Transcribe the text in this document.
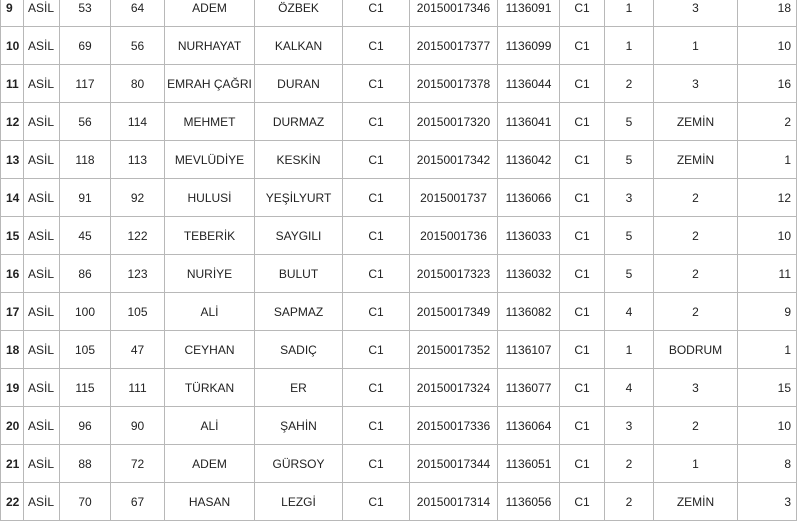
9	ASİL	53	64	ADEM	ÖZBEK	C1	20150017346	1136091	C1	1	3	18
10	ASİL	69	56	NURHAYAT	KALKAN	C1	20150017377	1136099	C1	1	1	10
11	ASİL	117	80	EMRAH ÇAĞRI	DURAN	C1	20150017378	1136044	C1	2	3	16
12	ASİL	56	114	MEHMET	DURMAZ	C1	20150017320	1136041	C1	5	ZEMİN	2
13	ASİL	118	113	MEVLÜDİYE	KESKİN	C1	20150017342	1136042	C1	5	ZEMİN	1
14	ASİL	91	92	HULUSİ	YEŞİLYURT	C1	2015001737	1136066	C1	3	2	12
15	ASİL	45	122	TEBERİK	SAYGILI	C1	2015001736	1136033	C1	5	2	10
16	ASİL	86	123	NURİYE	BULUT	C1	20150017323	1136032	C1	5	2	11
17	ASİL	100	105	ALİ	SAPMAZ	C1	20150017349	1136082	C1	4	2	9
18	ASİL	105	47	CEYHAN	SADIÇ	C1	20150017352	1136107	C1	1	BODRUM	1
19	ASİL	115	111	TÜRKAN	ER	C1	20150017324	1136077	C1	4	3	15
20	ASİL	96	90	ALİ	ŞAHİN	C1	20150017336	1136064	C1	3	2	10
21	ASİL	88	72	ADEM	GÜRSOY	C1	20150017344	1136051	C1	2	1	8
22	ASİL	70	67	HASAN	LEZGİ	C1	20150017314	1136056	C1	2	ZEMİN	3
